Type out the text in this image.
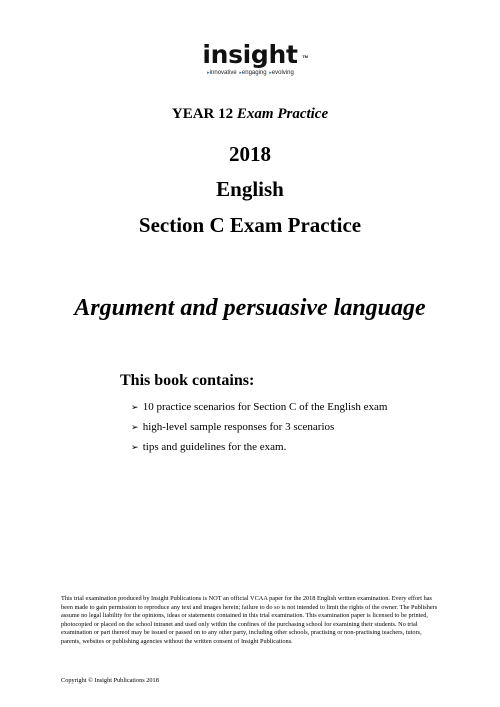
insight TM
▸innovative ▸engaging ▸evolving
YEAR 12 Exam Practice
2018
English
Section C Exam Practice
Argument and persuasive language
This book contains:
➢ 10 practice scenarios for Section C of the English exam
➢ high-level sample responses for 3 scenarios
➢ tips and guidelines for the exam.
This trial examination produced by Insight Publications is NOT an official VCAA paper for the 2018 English written examination. Every effort has been made to gain permission to reproduce any text and images herein; failure to do so is not intended to limit the rights of the owner. The Publishers assume no legal liability for the opinions, ideas or statements contained in this trial examination. This examination paper is licensed to be printed, photocopied or placed on the school intranet and used only within the confines of the purchasing school for examining their students. No trial examination or part thereof may be issued or passed on to any other party, including other schools, practising or non-practising teachers, tutors, parents, websites or publishing agencies without the written consent of Insight Publications.
Copyright © Insight Publications 2018
